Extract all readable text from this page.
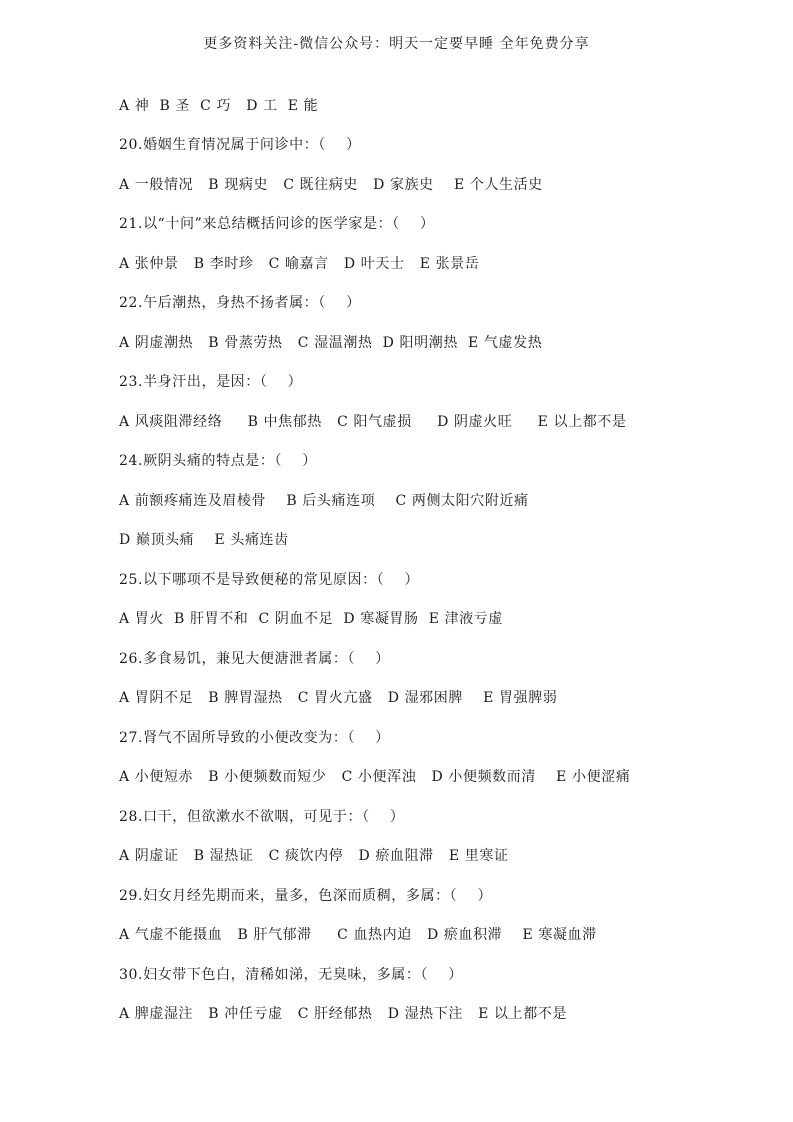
更多资料关注-微信公众号：明天一定要早睡 全年免费分享
A 神  B 圣  C 巧   D 工  E 能
20.婚姻生育情况属于问诊中：（    ）
A 一般情况   B 现病史   C 既往病史   D 家族史    E 个人生活史
21.以“十问”来总结概括问诊的医学家是：（    ）
A 张仲景   B 李时珍   C 喻嘉言   D 叶天士   E 张景岳
22.午后潮热，身热不扬者属：（    ）
A 阴虚潮热   B 骨蒸劳热   C 湿温潮热  D 阳明潮热  E 气虚发热
23.半身汗出，是因：（    ）
A 风痰阻滞经络     B 中焦郁热   C 阳气虚损     D 阴虚火旺     E 以上都不是
24.厥阴头痛的特点是：（    ）
A 前额疼痛连及眉棱骨    B 后头痛连项    C 两侧太阳穴附近痛
D 巅顶头痛    E 头痛连齿
25.以下哪项不是导致便秘的常见原因：（    ）
A 胃火  B 肝胃不和  C 阴血不足  D 寒凝胃肠  E 津液亏虚
26.多食易饥，兼见大便溏泄者属：（    ）
A 胃阴不足   B 脾胃湿热   C 胃火亢盛   D 湿邪困脾    E 胃强脾弱
27.肾气不固所导致的小便改变为：（    ）
A 小便短赤   B 小便频数而短少   C 小便浑浊   D 小便频数而清    E 小便涩痛
28.口干，但欲漱水不欲咽，可见于：（    ）
A 阴虚证   B 湿热证   C 痰饮内停   D 瘀血阻滞   E 里寒证
29.妇女月经先期而来，量多，色深而质稠，多属：（    ）
A 气虚不能摄血   B 肝气郁滞     C 血热内迫   D 瘀血积滞    E 寒凝血滞
30.妇女带下色白，清稀如涕，无臭味，多属：（    ）
A 脾虚湿注   B 冲任亏虚   C 肝经郁热   D 湿热下注   E 以上都不是
